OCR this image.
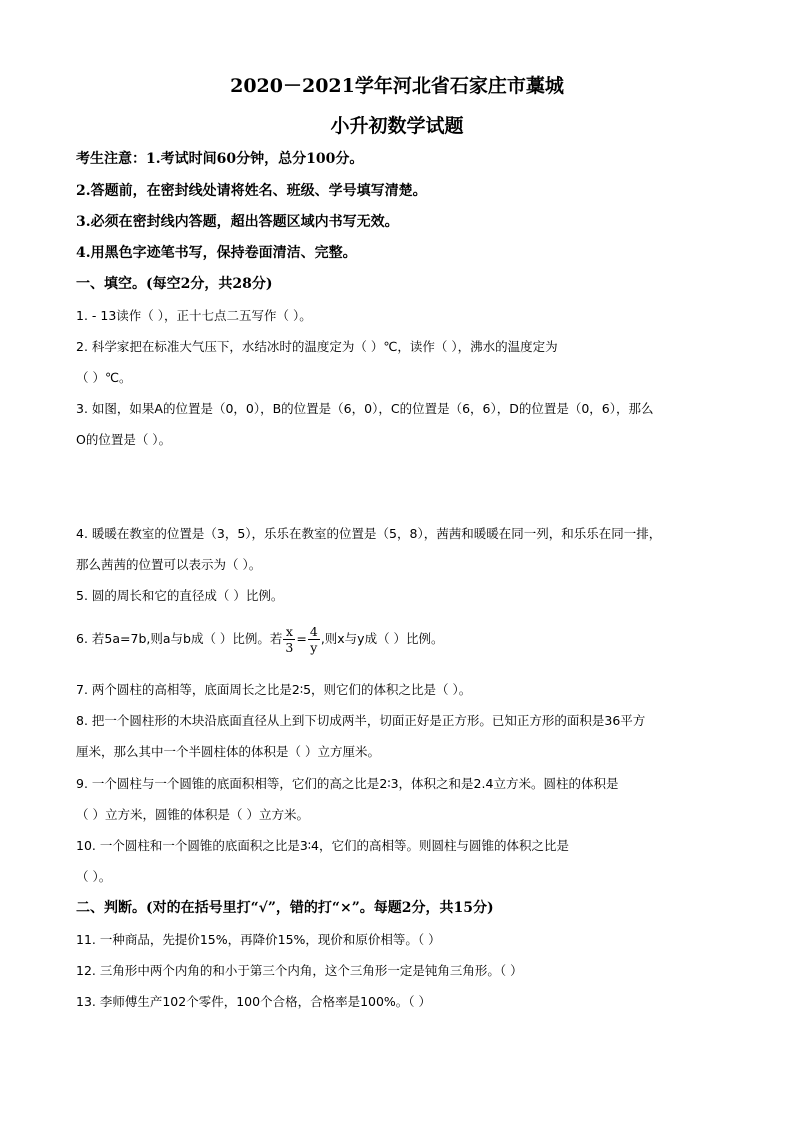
2020－2021学年河北省石家庄市藁城
小升初数学试题
考生注意：1.考试时间60分钟，总分100分。
2.答题前，在密封线处请将姓名、班级、学号填写清楚。
3.必须在密封线内答题，超出答题区域内书写无效。
4.用黑色字迹笔书写，保持卷面清洁、完整。
一、填空。(每空2分，共28分)
1. - 13读作（ ），正十七点二五写作（ ）。
2. 科学家把在标准大气压下，水结冰时的温度定为（ ）℃，读作（ ），沸水的温度定为
（ ）℃。
3. 如图，如果A的位置是（0，0），B的位置是（6，0），C的位置是（6，6），D的位置是（0，6），那么
O的位置是（ ）。
4. 暖暖在教室的位置是（3，5），乐乐在教室的位置是（5，8），茜茜和暖暖在同一列，和乐乐在同一排，
那么茜茜的位置可以表示为（ ）。
5. 圆的周长和它的直径成（ ）比例。
6. 若5a=7b,则a与b成（ ）比例。若 $\frac{x}{3} = \frac{4}{y}$ ,则x与y成（ ）比例。
7. 两个圆柱的高相等，底面周长之比是2∶5，则它们的体积之比是（ ）。
8. 把一个圆柱形的木块沿底面直径从上到下切成两半，切面正好是正方形。已知正方形的面积是36平方
厘米，那么其中一个半圆柱体的体积是（ ）立方厘米。
9. 一个圆柱与一个圆锥的底面积相等，它们的高之比是2∶3，体积之和是2.4立方米。圆柱的体积是
（ ）立方米，圆锥的体积是（ ）立方米。
10. 一个圆柱和一个圆锥的底面积之比是3∶4，它们的高相等。则圆柱与圆锥的体积之比是
（ ）。
二、判断。(对的在括号里打“√”，错的打“×”。每题2分，共15分)
11. 一种商品，先提价15%，再降价15%，现价和原价相等。（ ）
12. 三角形中两个内角的和小于第三个内角，这个三角形一定是钝角三角形。（ ）
13. 李师傅生产102个零件，100个合格，合格率是100%。（ ）
